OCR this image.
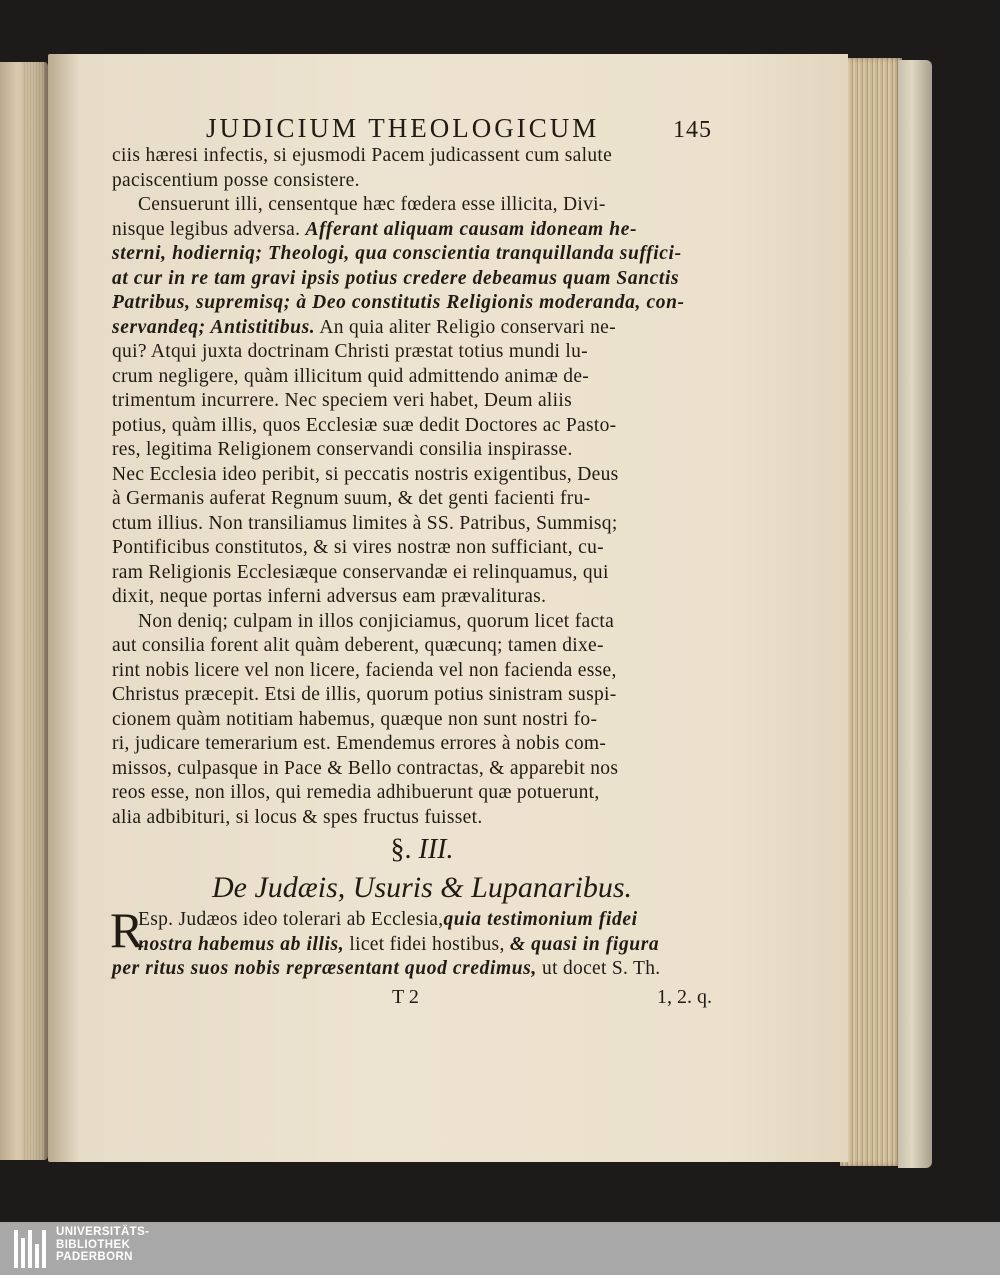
JUDICIUM THEOLOGICUM	145
ciis hæresi infectis, si ejusmodi Pacem judicassent cum salute
paciscentium posse consistere.
Censuerunt illi, censentque hæc fœdera esse illicita, Divi-
nisque legibus adversa. Afferant aliquam causam idoneam he-
sterni, hodierniq; Theologi, qua conscientia tranquillanda suffici-
at cur in re tam gravi ipsis potius credere debeamus quam Sanctis
Patribus, supremisq; à Deo constitutis Religionis moderanda, con-
servandeq; Antistitibus. An quia aliter Religio conservari ne-
qui? Atqui juxta doctrinam Christi præstat totius mundi lu-
crum negligere, quàm illicitum quid admittendo animæ de-
trimentum incurrere. Nec speciem veri habet, Deum aliis
potius, quàm illis, quos Ecclesiæ suæ dedit Doctores ac Pasto-
res, legitima Religionem conservandi consilia inspirasse.
Nec Ecclesia ideo peribit, si peccatis nostris exigentibus, Deus
à Germanis auferat Regnum suum, & det genti facienti fru-
ctum illius. Non transiliamus limites à SS. Patribus, Summisq;
Pontificibus constitutos, & si vires nostræ non sufficiant, cu-
ram Religionis Ecclesiæque conservandæ ei relinquamus, qui
dixit, neque portas inferni adversus eam prævalituras.
Non deniq; culpam in illos conjiciamus, quorum licet facta
aut consilia forent alit quàm deberent, quæcunq; tamen dixe-
rint nobis licere vel non licere, facienda vel non facienda esse,
Christus præcepit. Etsi de illis, quorum potius sinistram suspi-
cionem quàm notitiam habemus, quæque non sunt nostri fo-
ri, judicare temerarium est. Emendemus errores à nobis com-
missos, culpasque in Pace & Bello contractas, & apparebit nos
reos esse, non illos, qui remedia adhibuerunt quæ potuerunt,
alia adbibituri, si locus & spes fructus fuisset.
§. III.
De Judæis, Usuris & Lupanaribus.
R
Esp. Judæos ideo tolerari ab Ecclesia,quia testimonium fidei
nostra habemus ab illis, licet fidei hostibus, & quasi in figura
per ritus suos nobis repræsentant quod credimus, ut docet S. Th.
T 2	1, 2. q.
UNIVERSITÄTS-
BIBLIOTHEK
PADERBORN
